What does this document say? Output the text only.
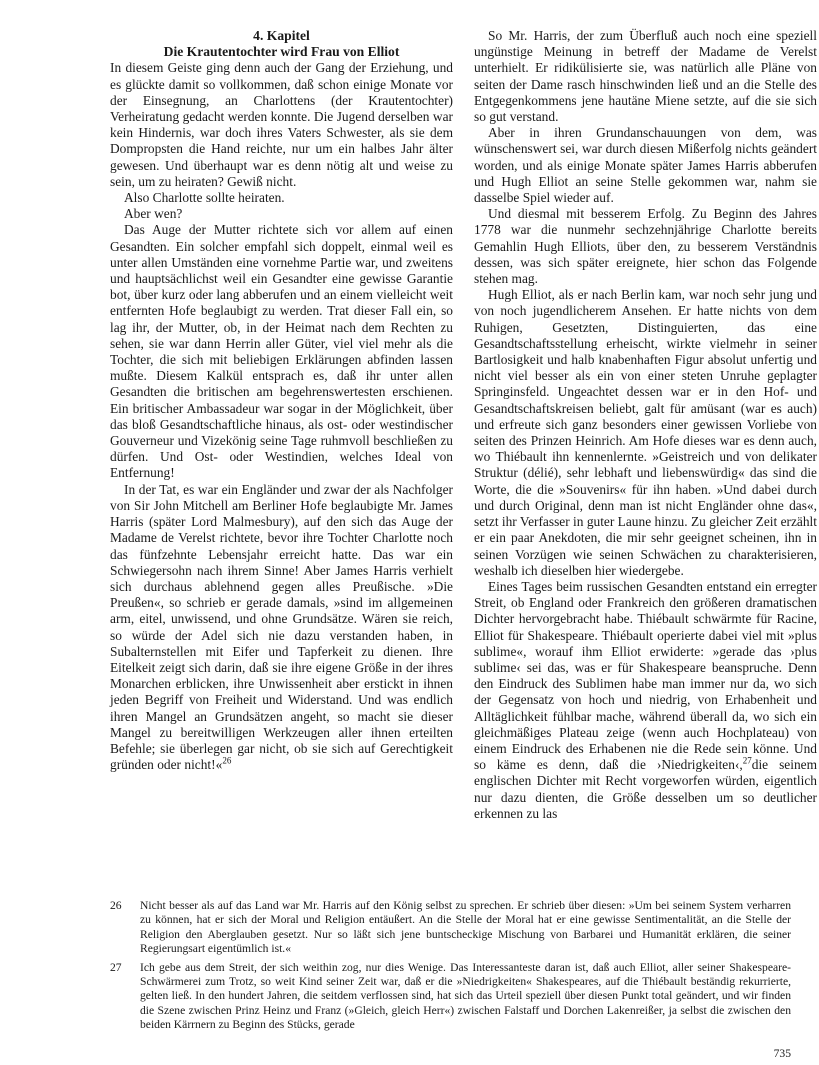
4. Kapitel

Die Krautentochter wird Frau von Elliot

In diesem Geiste ging denn auch der Gang der Erziehung, und es glückte damit so vollkommen, daß schon einige Monate vor der Einsegnung, an Charlottens (der Krautentochter) Verheiratung gedacht werden konnte. Die Jugend derselben war kein Hindernis, war doch ihres Vaters Schwester, als sie dem Dompropsten die Hand reichte, nur um ein halbes Jahr älter gewesen. Und überhaupt war es denn nötig alt und weise zu sein, um zu heiraten? Gewiß nicht.

Also Charlotte sollte heiraten.

Aber wen?

Das Auge der Mutter richtete sich vor allem auf einen Gesandten. Ein solcher empfahl sich doppelt, einmal weil es unter allen Umständen eine vornehme Partie war, und zweitens und hauptsächlichst weil ein Gesandter eine gewisse Garantie bot, über kurz oder lang abberufen und an einem vielleicht weit entfernten Hofe beglaubigt zu werden. Trat dieser Fall ein, so lag ihr, der Mutter, ob, in der Heimat nach dem Rechten zu sehen, sie war dann Herrin aller Güter, viel viel mehr als die Tochter, die sich mit beliebigen Erklärungen abfinden lassen mußte. Diesem Kalkül entsprach es, daß ihr unter allen Gesandten die britischen am begehrenswertesten erschienen. Ein britischer Ambassadeur war sogar in der Möglichkeit, über das bloß Gesandtschaftliche hinaus, als ost- oder westindischer Gouverneur und Vizekönig seine Tage ruhmvoll beschließen zu dürfen. Und Ost- oder Westindien, welches Ideal von Entfernung!

In der Tat, es war ein Engländer und zwar der als Nachfolger von Sir John Mitchell am Berliner Hofe beglaubigte Mr. James Harris (später Lord Malmesbury), auf den sich das Auge der Madame de Verelst richtete, bevor ihre Tochter Charlotte noch das fünfzehnte Lebensjahr erreicht hatte. Das war ein Schwiegersohn nach ihrem Sinne! Aber James Harris verhielt sich durchaus ablehnend gegen alles Preußische. »Die Preußen«, so schrieb er gerade damals, »sind im allgemeinen arm, eitel, unwissend, und ohne Grundsätze. Wären sie reich, so würde der Adel sich nie dazu verstanden haben, in Subalternstellen mit Eifer und Tapferkeit zu dienen. Ihre Eitelkeit zeigt sich darin, daß sie ihre eigene Größe in der ihres Monarchen erblicken, ihre Unwissenheit aber erstickt in ihnen jeden Begriff von Freiheit und Widerstand. Und was endlich ihren Mangel an Grundsätzen angeht, so macht sie dieser Mangel zu bereitwilligen Werkzeugen aller ihnen erteilten Befehle; sie überlegen gar nicht, ob sie sich auf Gerechtigkeit gründen oder nicht!«$^{26}$

So Mr. Harris, der zum Überfluß auch noch eine speziell ungünstige Meinung in betreff der Madame de Verelst unterhielt. Er ridikülisierte sie, was natürlich alle Pläne von seiten der Dame rasch hinschwinden ließ und an die Stelle des Entgegenkommens jene hautäne Miene setzte, auf die sie sich so gut verstand.

Aber in ihren Grundanschauungen von dem, was wünschenswert sei, war durch diesen Mißerfolg nichts geändert worden, und als einige Monate später James Harris abberufen und Hugh Elliot an seine Stelle gekommen war, nahm sie dasselbe Spiel wieder auf.

Und diesmal mit besserem Erfolg. Zu Beginn des Jahres 1778 war die nunmehr sechzehnjährige Charlotte bereits Gemahlin Hugh Elliots, über den, zu besserem Verständnis dessen, was sich später ereignete, hier schon das Folgende stehen mag.

Hugh Elliot, als er nach Berlin kam, war noch sehr jung und von noch jugendlicherem Ansehen. Er hatte nichts von dem Ruhigen, Gesetzten, Distinguierten, das eine Gesandtschaftsstellung erheischt, wirkte vielmehr in seiner Bartlosigkeit und halb knabenhaften Figur absolut unfertig und nicht viel besser als ein von einer steten Unruhe geplagter Springinsfeld. Ungeachtet dessen war er in den Hof- und Gesandtschaftskreisen beliebt, galt für amüsant (war es auch) und erfreute sich ganz besonders einer gewissen Vorliebe von seiten des Prinzen Heinrich. Am Hofe dieses war es denn auch, wo Thiébault ihn kennenlernte. »Geistreich und von delikater Struktur (délié), sehr lebhaft und liebenswürdig« das sind die Worte, die die »Souvenirs« für ihn haben. »Und dabei durch und durch Original, denn man ist nicht Engländer ohne das«, setzt ihr Verfasser in guter Laune hinzu. Zu gleicher Zeit erzählt er ein paar Anekdoten, die mir sehr geeignet scheinen, ihn in seinen Vorzügen wie seinen Schwächen zu charakterisieren, weshalb ich dieselben hier wiedergebe.

Eines Tages beim russischen Gesandten entstand ein erregter Streit, ob England oder Frankreich den größeren dramatischen Dichter hervorgebracht habe. Thiébault schwärmte für Racine, Elliot für Shakespeare. Thiébault operierte dabei viel mit »plus sublime«, worauf ihm Elliot erwiderte: »gerade das ›plus sublime‹ sei das, was er für Shakespeare beanspruche. Denn den Eindruck des Sublimen habe man immer nur da, wo sich der Gegensatz von hoch und niedrig, von Erhabenheit und Alltäglichkeit fühlbar mache, während überall da, wo sich ein gleichmäßiges Plateau zeige (wenn auch Hochplateau) von einem Eindruck des Erhabenen nie die Rede sein könne. Und so käme es denn, daß die ›Niedrigkeiten‹,$^{27}$die seinem englischen Dichter mit Recht vorgeworfen würden, eigentlich nur dazu dienten, die Größe desselben um so deutlicher erkennen zu las

26 Nicht besser als auf das Land war Mr. Harris auf den König selbst zu sprechen. Er schrieb über diesen: »Um bei seinem System verharren zu können, hat er sich der Moral und Religion entäußert. An die Stelle der Moral hat er eine gewisse Sentimentalität, an die Stelle der Religion den Aberglauben gesetzt. Nur so läßt sich jene buntscheckige Mischung von Barbarei und Humanität erklären, die seiner Regierungsart eigentümlich ist.«
27 Ich gebe aus dem Streit, der sich weithin zog, nur dies Wenige. Das Interessanteste daran ist, daß auch Elliot, aller seiner Shakespeare-Schwärmerei zum Trotz, so weit Kind seiner Zeit war, daß er die »Niedrigkeiten« Shakespeares, auf die Thiébault beständig rekurrierte, gelten ließ. In den hundert Jahren, die seitdem verflossen sind, hat sich das Urteil speziell über diesen Punkt total geändert, und wir finden die Szene zwischen Prinz Heinz und Franz (»Gleich, gleich Herr«) zwischen Falstaff und Dorchen Lakenreißer, ja selbst die zwischen den beiden Kärrnern zu Beginn des Stücks, gerade
735
